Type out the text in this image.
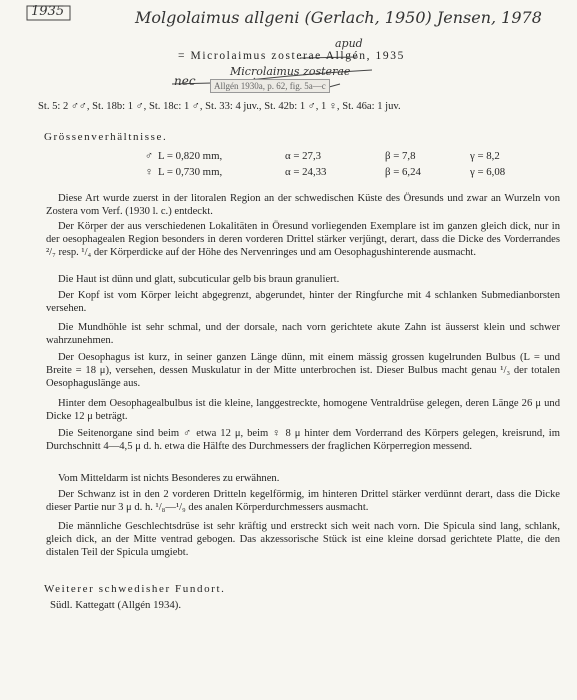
1935	Molgolaimus allgeni (Gerlach, 1950) Jensen, 1978
apud
= Microlaimus zosterae Allgén, 1935
Microlaimus zosterae
nec	Allgén 1930a, p. 62, fig. 5a—c
St. 5: 2 ♂♂, St. 18b: 1 ♂, St. 18c: 1 ♂, St. 33: 4 juv., St. 42b: 1 ♂, 1 ♀, St. 46a: 1 juv.
Grössenverhältnisse.
♂ L = 0,820 mm,	α = 27,3	β = 7,8	γ = 8,2
♀ L = 0,730 mm,	α = 24,33	β = 6,24	γ = 6,08
Diese Art wurde zuerst in der litoralen Region an der schwedischen Küste des Öresunds und zwar an Wurzeln von Zostera vom Verf. (1930 l. c.) entdeckt.
Der Körper der aus verschiedenen Lokalitäten in Öresund vorliegenden Exemplare ist im ganzen gleich dick, nur in der oesophagealen Region besonders in deren vorderen Drittel stärker verjüngt, derart, dass die Dicke des Vorderrandes ²/₇ resp. ¹/₄ der Körperdicke auf der Höhe des Nervenringes und am Oesophagushinterende ausmacht.
Die Haut ist dünn und glatt, subcuticular gelb bis braun granuliert.
Der Kopf ist vom Körper leicht abgegrenzt, abgerundet, hinter der Ringfurche mit 4 schlanken Submedianborsten versehen.
Die Mundhöhle ist sehr schmal, und der dorsale, nach vorn gerichtete akute Zahn ist äusserst klein und schwer wahrzunehmen.
Der Oesophagus ist kurz, in seiner ganzen Länge dünn, mit einem mässig grossen kugelrunden Bulbus (L = und Breite = 18 μ), versehen, dessen Muskulatur in der Mitte unterbrochen ist. Dieser Bulbus macht genau ¹/₃ der totalen Oesophaguslänge aus.
Hinter dem Oesophagealbulbus ist die kleine, langgestreckte, homogene Ventraldrüse gelegen, deren Länge 26 μ und Dicke 12 μ beträgt.
Die Seitenorgane sind beim ♂ etwa 12 μ, beim ♀ 8 μ hinter dem Vorderrand des Körpers gelegen, kreisrund, im Durchschnitt 4—4,5 μ d. h. etwa die Hälfte des Durchmessers der fraglichen Körperregion messend.
Vom Mitteldarm ist nichts Besonderes zu erwähnen.
Der Schwanz ist in den 2 vorderen Dritteln kegelförmig, im hinteren Drittel stärker verdünnt derart, dass die Dicke dieser Partie nur 3 μ d. h. ¹/₈—¹/₉ des analen Körperdurchmessers ausmacht.
Die männliche Geschlechtsdrüse ist sehr kräftig und erstreckt sich weit nach vorn. Die Spicula sind lang, schlank, gleich dick, an der Mitte ventrad gebogen. Das akzessorische Stück ist eine kleine dorsad gerichtete Platte, die den distalen Teil der Spicula umgiebt.
Weiterer schwedisher Fundort.
Südl. Kattegatt (Allgén 1934).
